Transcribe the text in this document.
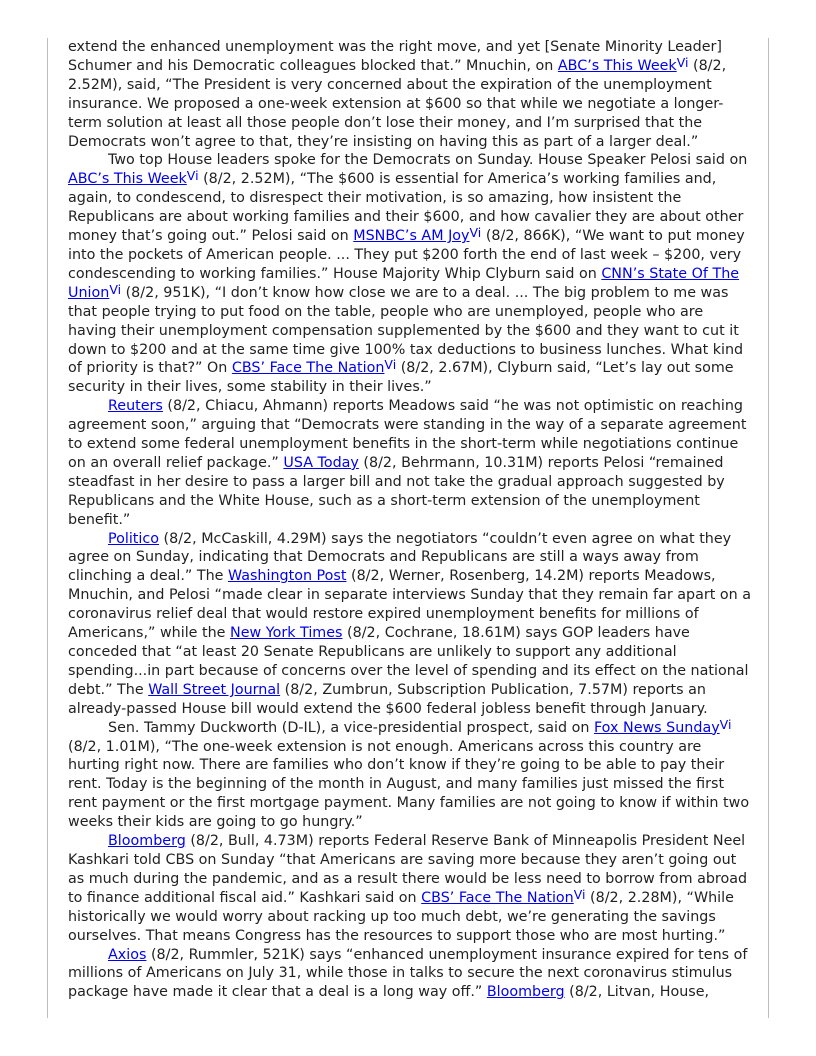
extend the enhanced unemployment was the right move, and yet [Senate Minority Leader] Schumer and his Democratic colleagues blocked that.” Mnuchin, on ABC’s This Week$^{Vi}$ (8/2, 2.52M), said, “The President is very concerned about the expiration of the unemployment insurance. We proposed a one-week extension at $600 so that while we negotiate a longer-term solution at least all those people don’t lose their money, and I’m surprised that the Democrats won’t agree to that, they’re insisting on having this as part of a larger deal.”

Two top House leaders spoke for the Democrats on Sunday. House Speaker Pelosi said on ABC’s This Week$^{Vi}$ (8/2, 2.52M), “The $600 is essential for America’s working families and, again, to condescend, to disrespect their motivation, is so amazing, how insistent the Republicans are about working families and their $600, and how cavalier they are about other money that’s going out.” Pelosi said on MSNBC’s AM Joy$^{Vi}$ (8/2, 866K), “We want to put money into the pockets of American people. ... They put $200 forth the end of last week – $200, very condescending to working families.” House Majority Whip Clyburn said on CNN’s State Of The Union$^{Vi}$ (8/2, 951K), “I don’t know how close we are to a deal. ... The big problem to me was that people trying to put food on the table, people who are unemployed, people who are having their unemployment compensation supplemented by the $600 and they want to cut it down to $200 and at the same time give 100% tax deductions to business lunches. What kind of priority is that?” On CBS’ Face The Nation$^{Vi}$ (8/2, 2.67M), Clyburn said, “Let’s lay out some security in their lives, some stability in their lives.”

Reuters (8/2, Chiacu, Ahmann) reports Meadows said “he was not optimistic on reaching agreement soon,” arguing that “Democrats were standing in the way of a separate agreement to extend some federal unemployment benefits in the short-term while negotiations continue on an overall relief package.” USA Today (8/2, Behrmann, 10.31M) reports Pelosi “remained steadfast in her desire to pass a larger bill and not take the gradual approach suggested by Republicans and the White House, such as a short-term extension of the unemployment benefit.”

Politico (8/2, McCaskill, 4.29M) says the negotiators “couldn’t even agree on what they agree on Sunday, indicating that Democrats and Republicans are still a ways away from clinching a deal.” The Washington Post (8/2, Werner, Rosenberg, 14.2M) reports Meadows, Mnuchin, and Pelosi “made clear in separate interviews Sunday that they remain far apart on a coronavirus relief deal that would restore expired unemployment benefits for millions of Americans,” while the New York Times (8/2, Cochrane, 18.61M) says GOP leaders have conceded that “at least 20 Senate Republicans are unlikely to support any additional spending...in part because of concerns over the level of spending and its effect on the national debt.” The Wall Street Journal (8/2, Zumbrun, Subscription Publication, 7.57M) reports an already-passed House bill would extend the $600 federal jobless benefit through January.

Sen. Tammy Duckworth (D-IL), a vice-presidential prospect, said on Fox News Sunday$^{Vi}$ (8/2, 1.01M), “The one-week extension is not enough. Americans across this country are hurting right now. There are families who don’t know if they’re going to be able to pay their rent. Today is the beginning of the month in August, and many families just missed the first rent payment or the first mortgage payment. Many families are not going to know if within two weeks their kids are going to go hungry.”

Bloomberg (8/2, Bull, 4.73M) reports Federal Reserve Bank of Minneapolis President Neel Kashkari told CBS on Sunday “that Americans are saving more because they aren’t going out as much during the pandemic, and as a result there would be less need to borrow from abroad to finance additional fiscal aid.” Kashkari said on CBS’ Face The Nation$^{Vi}$ (8/2, 2.28M), “While historically we would worry about racking up too much debt, we’re generating the savings ourselves. That means Congress has the resources to support those who are most hurting.”

Axios (8/2, Rummler, 521K) says “enhanced unemployment insurance expired for tens of millions of Americans on July 31, while those in talks to secure the next coronavirus stimulus package have made it clear that a deal is a long way off.” Bloomberg (8/2, Litvan, House,
